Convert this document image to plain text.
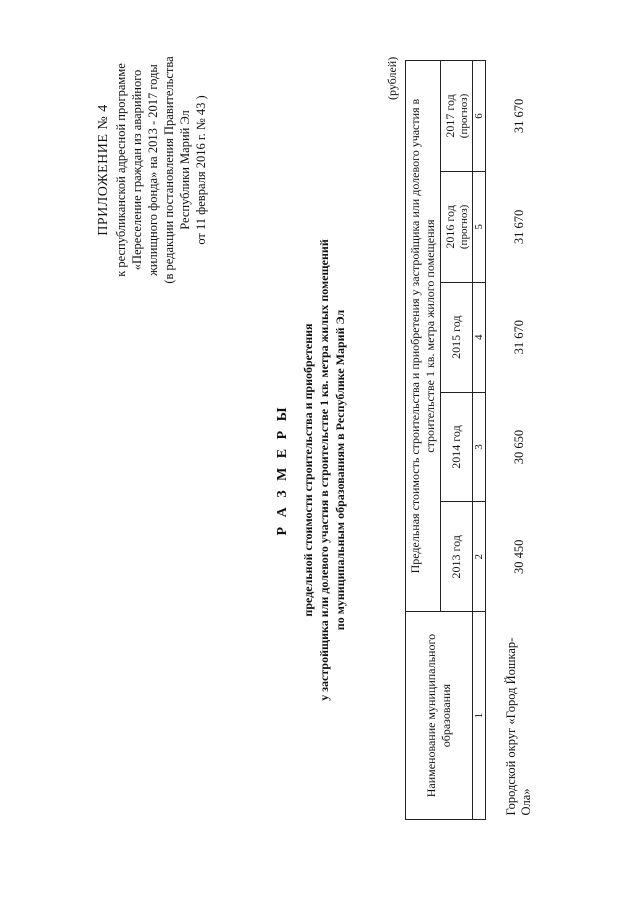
ПРИЛОЖЕНИЕ № 4 к республиканской адресной программе «Переселение граждан из аварийного жилищного фонда» на 2013 - 2017 годы (в редакции постановления Правительства Республики Марий Эл от 11 февраля 2016 г. № 43 )
Р А З М Е Р Ы предельной стоимости строительства и приобретения у застройщика или долевого участия в строительстве 1 кв. метра жилых помещений по муниципальным образованиям в Республике Марий Эл
(рублей)
Наименование муниципального образования	Предельная стоимость строительства и приобретения у застройщика или долевого участия в строительстве 1 кв. метра жилого помещения				
	2013 год	2014 год	2015 год	2016 год (прогноз)	2017 год (прогноз)

1	2	3	4	5	6
Городской округ «Город Йошкар-Ола»	30 450	30 650	31 670	31 670	31 670
